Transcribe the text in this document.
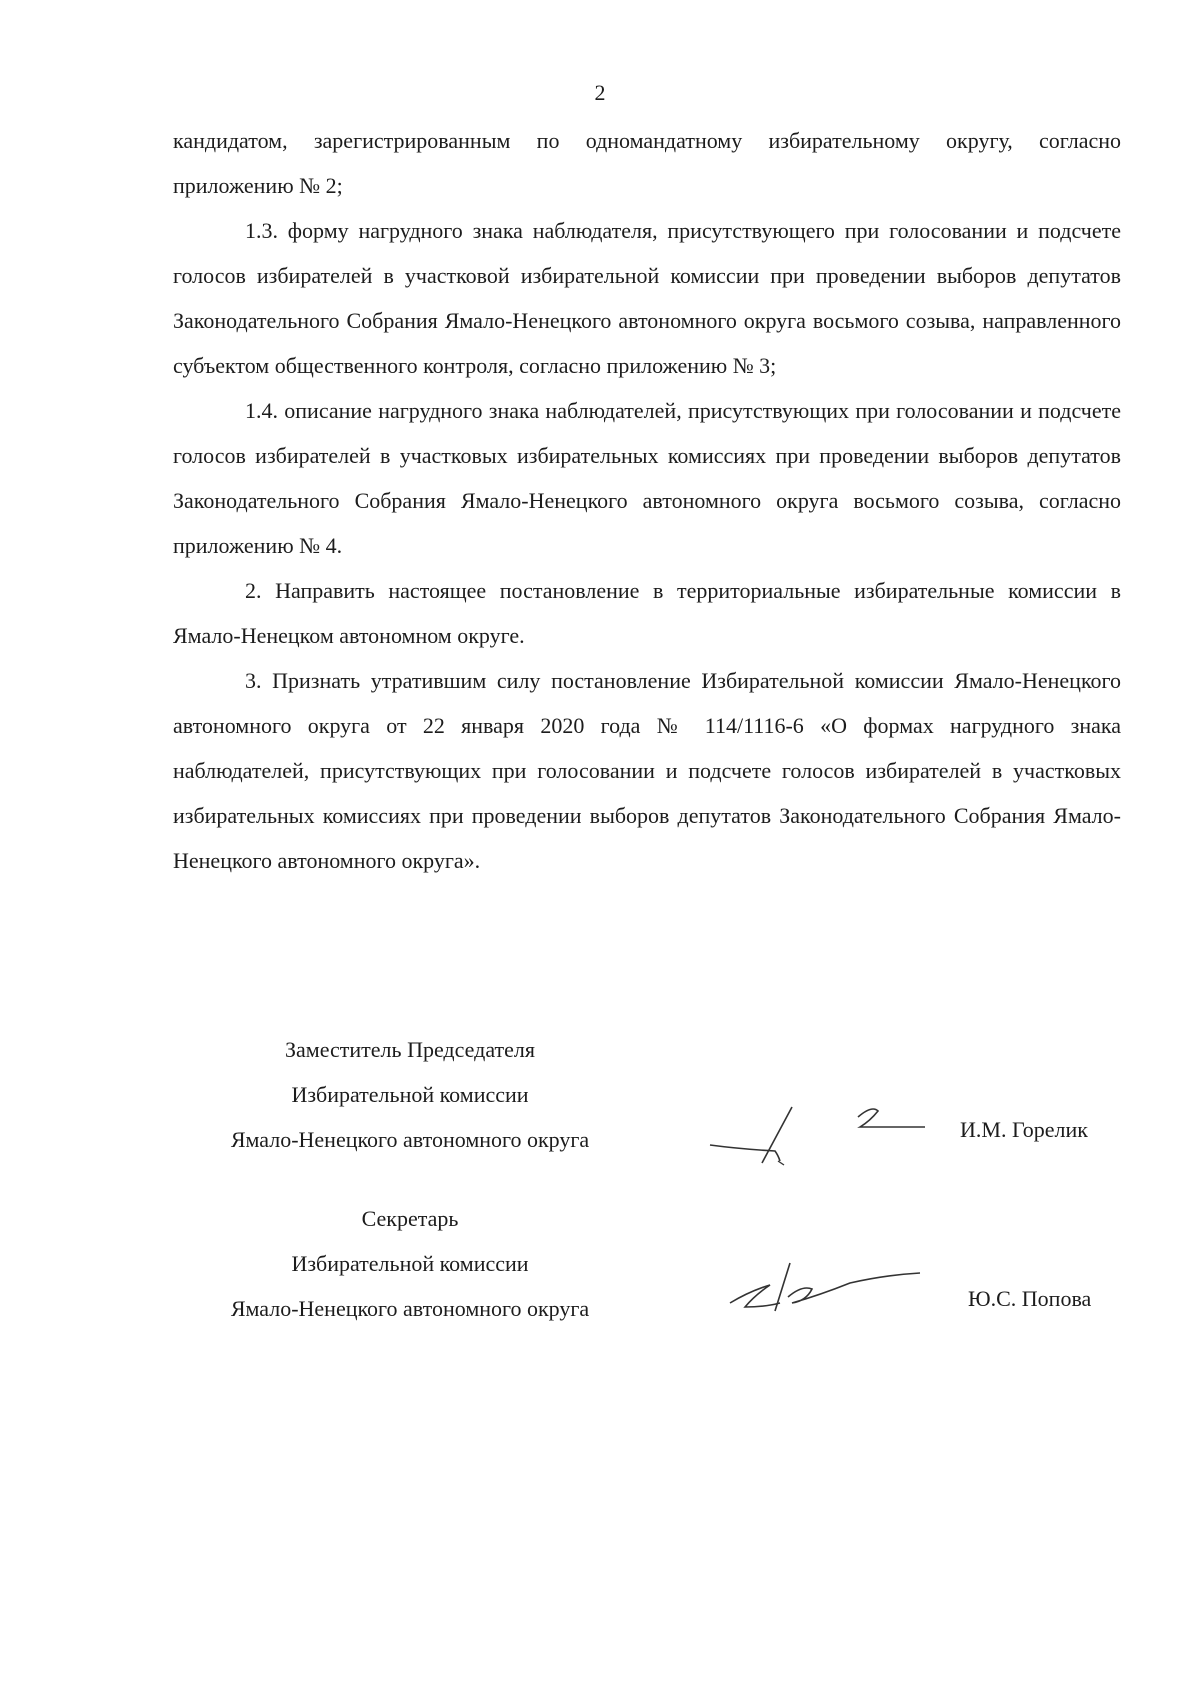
2

кандидатом, зарегистрированным по одномандатному избирательному округу, согласно приложению № 2;

1.3. форму нагрудного знака наблюдателя, присутствующего при голосовании и подсчете голосов избирателей в участковой избирательной комиссии при проведении выборов депутатов Законодательного Собрания Ямало-Ненецкого автономного округа восьмого созыва, направленного субъектом общественного контроля, согласно приложению № 3;

1.4. описание нагрудного знака наблюдателей, присутствующих при голосовании и подсчете голосов избирателей в участковых избирательных комиссиях при проведении выборов депутатов Законодательного Собрания Ямало-Ненецкого автономного округа восьмого созыва, согласно приложению № 4.

2. Направить настоящее постановление в территориальные избирательные комиссии в Ямало-Ненецком автономном округе.

3. Признать утратившим силу постановление Избирательной комиссии Ямало-Ненецкого автономного округа от 22 января 2020 года № 114/1116-6 «О формах нагрудного знака наблюдателей, присутствующих при голосовании и подсчете голосов избирателей в участковых избирательных комиссиях при проведении выборов депутатов Законодательного Собрания Ямало-Ненецкого автономного округа».

Заместитель Председателя
Избирательной комиссии
Ямало-Ненецкого автономного округа	И.М. Горелик
Секретарь
Избирательной комиссии
Ямало-Ненецкого автономного округа	Ю.С. Попова
